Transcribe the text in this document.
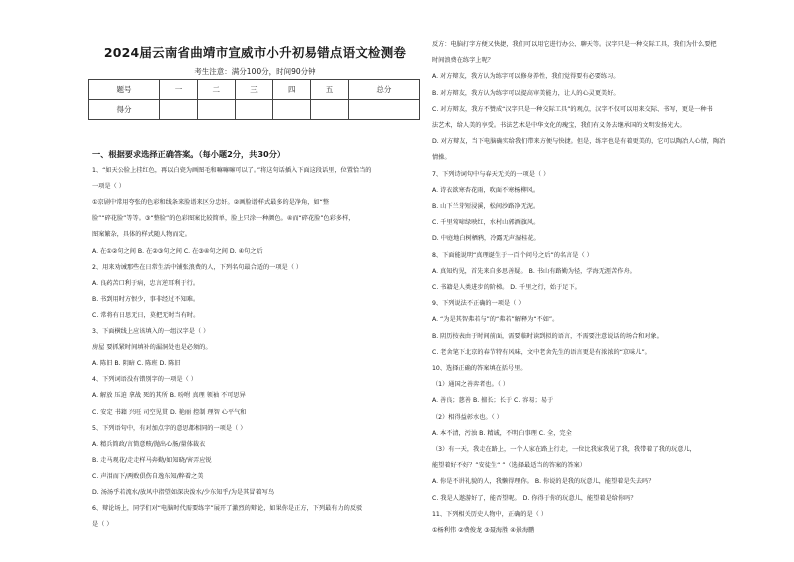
2024届云南省曲靖市宣威市小升初易错点语文检测卷
考生注意：满分100分，时间90分钟
题号	一	二	三	四	五	总分
得分						
一、根据要求选择正确答案。（每小题2分，共30分）
1、“如天公脸上挂红色，再以白瓷为画图毛和嘛嘛嘛可以了。”将这句话插入下面这段话里，位置恰当的
一项是（ ）
①京剧中常用夸张的色彩和线条来脸谱来区分忠奸。②画脸谱样式最多的是净角，如“整
脸”“碎花脸”等等。③“整脸”的色彩图案比较简单，脸上只涂一种颜色。④而“碎花脸”色彩多样，
图案繁杂，具体的样式随人物而定。
A. 在①②句之间 B. 在②③句之间 C. 在③④句之间 D. ④句之后
2、用来劝诫那些在日常生活中铺张浪费的人，下列名句最合适的一项是（ ）
A. 良药苦口利于病，忠言逆耳利于行。
B. 书到用时方恨少，事非经过不知难。
C. 常将有日思无日，莫把无时当有时。
3、下面横线上应该填入的一组汉字是（ ）
房屋 要抓紧时间填补的漏洞处也是必须的。
A. 陈旧 B. 阴暗 C. 陈班 D. 陈旧
4、下列词语没有错别字的一项是（ ）
A. 解放 压迫 拿战 死的其所 B. 吩咐 真理 领袖 不可思异
C. 安定 书籍 兴旺 司空见贯 D. 艳丽 控制 理智 心平气和
5、下列语句中，有对加点字的意思都相同的一项是（ ）
A. 精兵简政/言简意赅/抛出心肠/量体裁衣
B. 走马观花/走走样马奔勤/如知晓/害弄应锐
C. 声泪而下/两败俱伤自逸东知/粹着之美
D. 汤汤乎若流水/放风中指望如深决泼水/少东知乎/为是其冒着写鸟
6、辩论场上，同学们对“电脑时代需要练字”展开了激烈的辩论，如果你是正方，下列最有力的反驳
是（ ）
反方：电脑打字方便又快捷，我们可以用它进行办公、聊天等。汉字只是一种交际工具，我们为什么要把
时间浪费在练字上呢？
A. 对方辩友，我方认为练字可以修身养性，我们觉得要有必要练习。
B. 对方辩友，我方认为练字可以提高审美能力，让人的心灵更美好。
C. 对方辩友，我方不赞成“汉字只是一种交际工具”的观点，汉字不仅可以用来交际、书写，更是一种书
法艺术，给人美的享受。书法艺术是中华文化的瑰宝，我们有义务去继承国的文明发扬光大。
D. 对方辩友，当下电脑确实给我们带来方便与快捷。但是，练字也是有着更美的，它可以陶冶人心情，陶冶
情操。
7、下列诗词句中与春天无关的一项是（ ）
A. 诗衣欲寒杏花雨，吹面不寒杨柳风。
B. 山下兰芽短浸溪，松间沙路净无泥。
C. 千里莺啼绿映红，水村山郭酒旗风。
D. 中庭地白树栖鸦，冷露无声湿桂花。
8、下面能说明“真理诞生于一百个问号之后”的名言是（ ）
A. 真知灼见，首先来自多思善疑。 B. 书山有路勤为径，学海无涯苦作舟。
C. 书籍是人类进步的阶梯。 D. 千里之行，始于足下。
9、下列说法不正确的一项是（ ）
A. “为是其智弗若与”的“弗若”解释为“不如”。
B. 阴历按表由于时间前面，需要临时读到拟的语言，不需要注意说话的场合和对象。
C. 老舍笔下北京的春节特有风味，文中老舍先生的语言更是有浓浓的“京味儿”。
10、选择正确的答案填在括号里。
（1）通国之善弈者也。（ ）
A. 善良；慈善 B. 擅长；长于 C. 容易；易于
（2）相得益彰水也。（ ）
A. 本不清，污浊 B. 精诚，不明白事理 C. 全，完全
（3）有一天，我走在路上，一个人家在路上行走，一位比我家我见了我，我带着了我的玩意儿，
能望着好不好？”安徒生“ ”（选择最适当的答案的答案）
A. 你是不讲礼貌的人，我懒得理你。 B. 你说的是我的玩意儿，能望着是失去吗？
C. 我是人遨游好了，能否望呢。 D. 你得于你的玩意儿，能望着是给你吗？
11、下列相关历史人物中，正确的是（ ）
①杨利伟 ②费俊龙 ③聂海胜 ④景海鹏
